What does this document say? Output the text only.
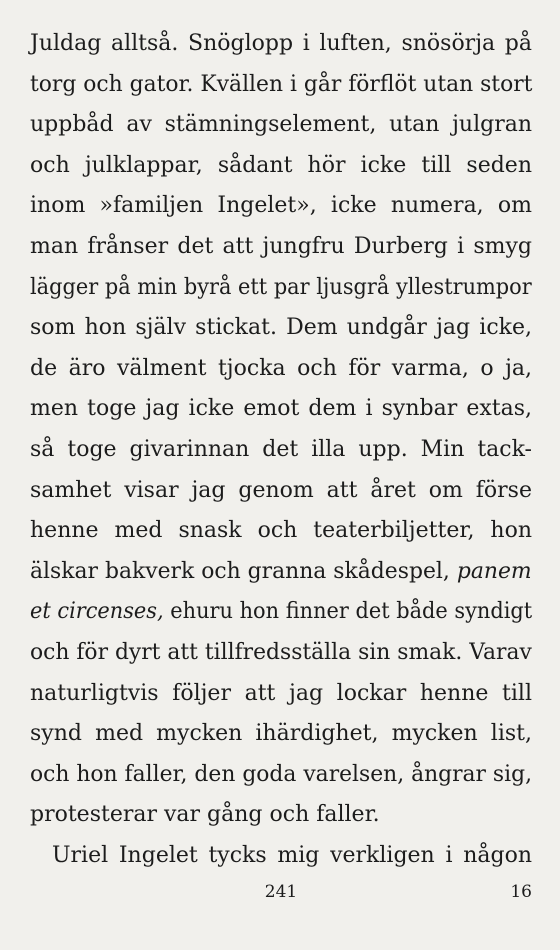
Juldag alltså. Snöglopp i luften, snösörja på
torg och gator. Kvällen i går förflöt utan stort
uppbåd av stämningselement, utan julgran
och julklappar, sådant hör icke till seden
inom »familjen Ingelet», icke numera, om
man frånser det att jungfru Durberg i smyg
lägger på min byrå ett par ljusgrå yllestrumpor
som hon själv stickat. Dem undgår jag icke,
de äro välment tjocka och för varma, o ja,
men toge jag icke emot dem i synbar extas,
så toge givarinnan det illa upp. Min tack-
samhet visar jag genom att året om förse
henne med snask och teaterbiljetter, hon
älskar bakverk och granna skådespel, panem
et circenses, ehuru hon finner det både syndigt
och för dyrt att tillfredsställa sin smak. Varav
naturligtvis följer att jag lockar henne till
synd med mycken ihärdighet, mycken list,
och hon faller, den goda varelsen, ångrar sig,
protesterar var gång och faller.
Uriel Ingelet tycks mig verkligen i någon
241	16
